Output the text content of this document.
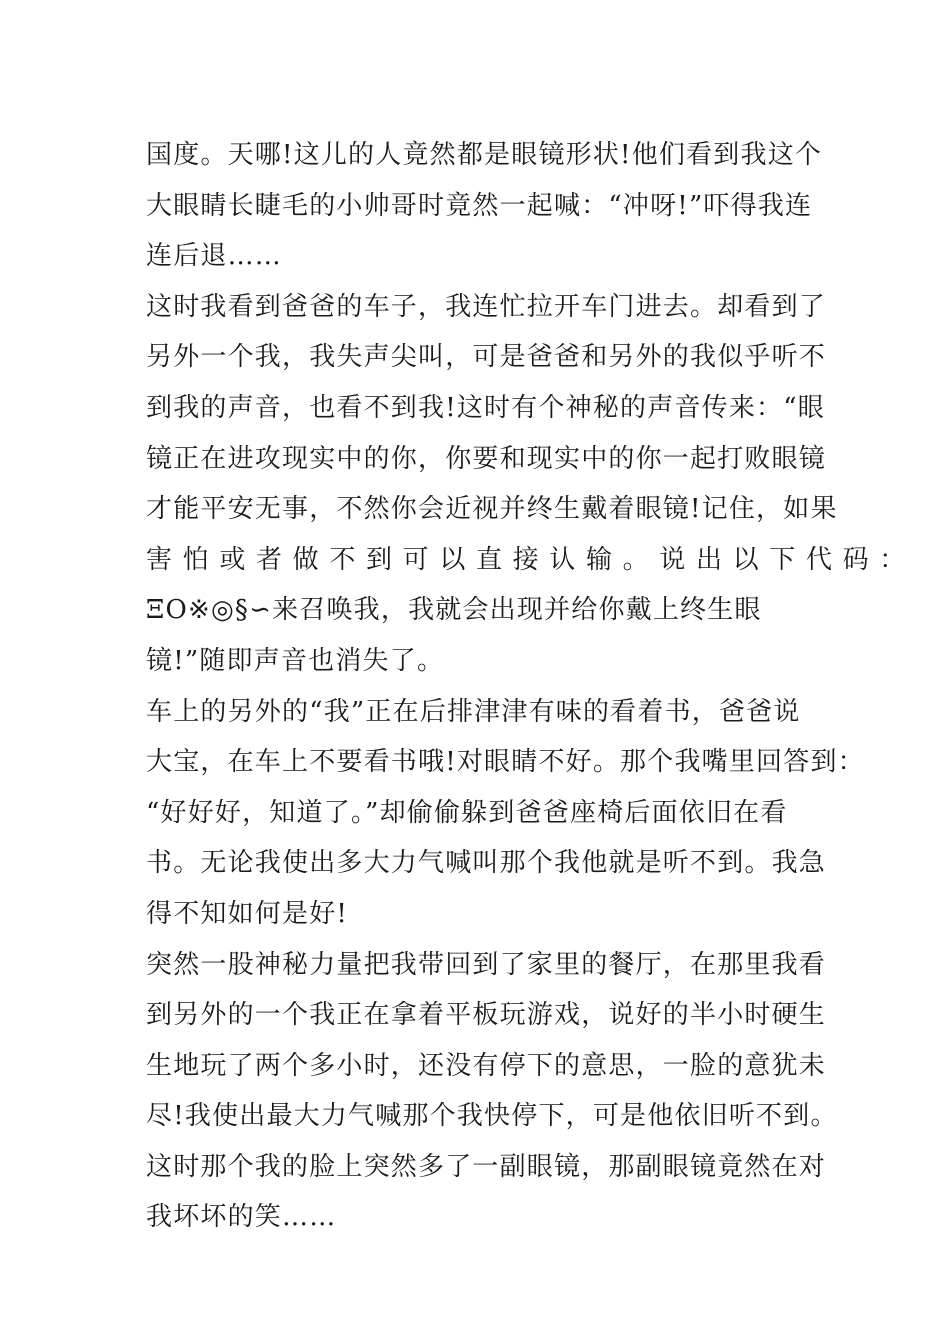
国度。天哪!这儿的人竟然都是眼镜形状!他们看到我这个
大眼睛长睫毛的小帅哥时竟然一起喊：“冲呀!”吓得我连
连后退……
这时我看到爸爸的车子，我连忙拉开车门进去。却看到了
另外一个我，我失声尖叫，可是爸爸和另外的我似乎听不
到我的声音，也看不到我!这时有个神秘的声音传来：“眼
镜正在进攻现实中的你，你要和现实中的你一起打败眼镜
才能平安无事，不然你会近视并终生戴着眼镜!记住，如果
害 怕 或 者 做 不 到 可 以 直 接 认 输 。 说 出 以 下 代 码 ：
ΞΟ※◎§∽来召唤我，我就会出现并给你戴上终生眼
镜!”随即声音也消失了。
车上的另外的“我”正在后排津津有味的看着书，爸爸说
大宝，在车上不要看书哦!对眼睛不好。那个我嘴里回答到：
“好好好，知道了。”却偷偷躲到爸爸座椅后面依旧在看
书。无论我使出多大力气喊叫那个我他就是听不到。我急
得不知如何是好!
突然一股神秘力量把我带回到了家里的餐厅，在那里我看
到另外的一个我正在拿着平板玩游戏，说好的半小时硬生
生地玩了两个多小时，还没有停下的意思，一脸的意犹未
尽!我使出最大力气喊那个我快停下，可是他依旧听不到。
这时那个我的脸上突然多了一副眼镜，那副眼镜竟然在对
我坏坏的笑……
